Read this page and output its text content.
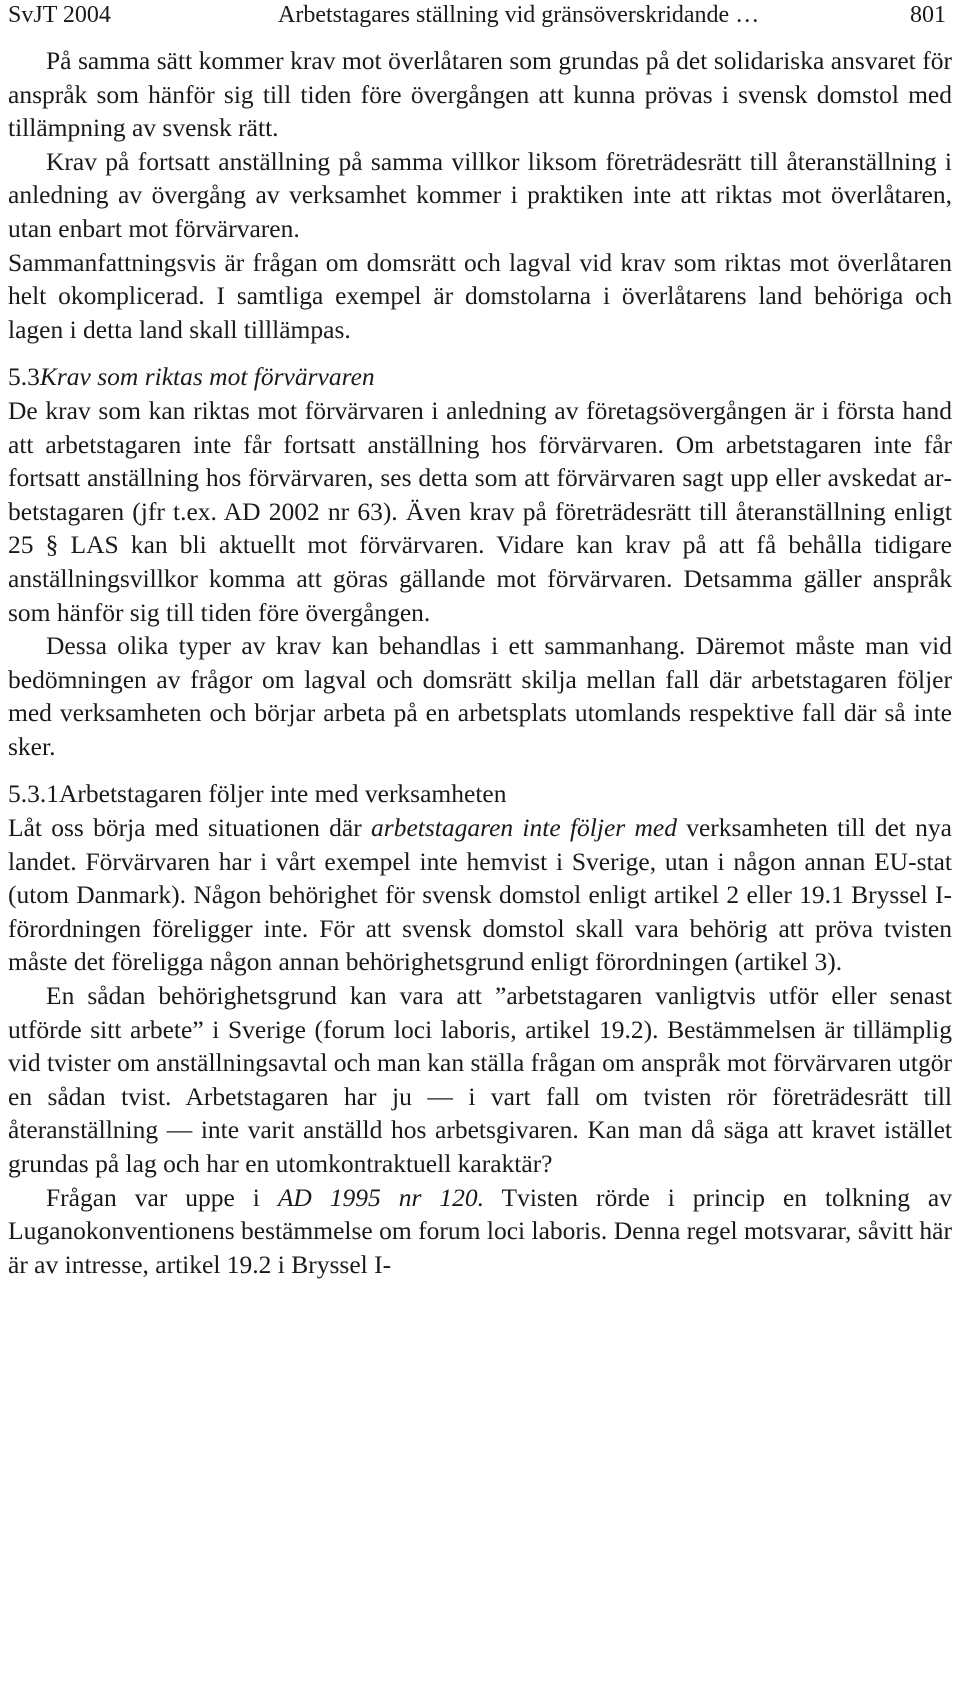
SvJT 2004	Arbetstagares ställning vid gränsöverskridande …	801

På samma sätt kommer krav mot överlåtaren som grundas på det solidariska ansvaret för anspråk som hänför sig till tiden före övergången att kunna prövas i svensk domstol med tillämpning av svensk rätt.

Krav på fortsatt anställning på samma villkor liksom företrädesrätt till återanställning i anledning av övergång av verksamhet kommer i praktiken inte att riktas mot överlåtaren, utan enbart mot förvärvaren.

Sammanfattningsvis är frågan om domsrätt och lagval vid krav som riktas mot överlåtaren helt okomplicerad. I samtliga exempel är domstolarna i överlåtarens land behöriga och lagen i detta land skall tilllämpas.

5.3Krav som riktas mot förvärvaren

De krav som kan riktas mot förvärvaren i anledning av företagsövergången är i första hand att arbetstagaren inte får fortsatt anställning hos förvärvaren. Om arbetstagaren inte får fortsatt anställning hos förvärvaren, ses detta som att förvärvaren sagt upp eller avskedat arbetstagaren (jfr t.ex. AD 2002 nr 63). Även krav på företrädesrätt till återanställning enligt 25 § LAS kan bli aktuellt mot förvärvaren. Vidare kan krav på att få behålla tidigare anställningsvillkor komma att göras gällande mot förvärvaren. Detsamma gäller anspråk som hänför sig till tiden före övergången.

Dessa olika typer av krav kan behandlas i ett sammanhang. Däremot måste man vid bedömningen av frågor om lagval och domsrätt skilja mellan fall där arbetstagaren följer med verksamheten och börjar arbeta på en arbetsplats utomlands respektive fall där så inte sker.

5.3.1Arbetstagaren följer inte med verksamheten

Låt oss börja med situationen där arbetstagaren inte följer med verksamheten till det nya landet. Förvärvaren har i vårt exempel inte hemvist i Sverige, utan i någon annan EU-stat (utom Danmark). Någon behörighet för svensk domstol enligt artikel 2 eller 19.1 Bryssel I-förordningen föreligger inte. För att svensk domstol skall vara behörig att pröva tvisten måste det föreligga någon annan behörighetsgrund enligt förordningen (artikel 3).

En sådan behörighetsgrund kan vara att ”arbetstagaren vanligtvis utför eller senast utförde sitt arbete” i Sverige (forum loci laboris, artikel 19.2). Bestämmelsen är tillämplig vid tvister om anställningsavtal och man kan ställa frågan om anspråk mot förvärvaren utgör en sådan tvist. Arbetstagaren har ju — i vart fall om tvisten rör företrädesrätt till återanställning — inte varit anställd hos arbetsgivaren. Kan man då säga att kravet istället grundas på lag och har en utomkontraktuell karaktär?

Frågan var uppe i AD 1995 nr 120. Tvisten rörde i princip en tolkning av Luganokonventionens bestämmelse om forum loci laboris. Denna regel motsvarar, såvitt här är av intresse, artikel 19.2 i Bryssel I-
